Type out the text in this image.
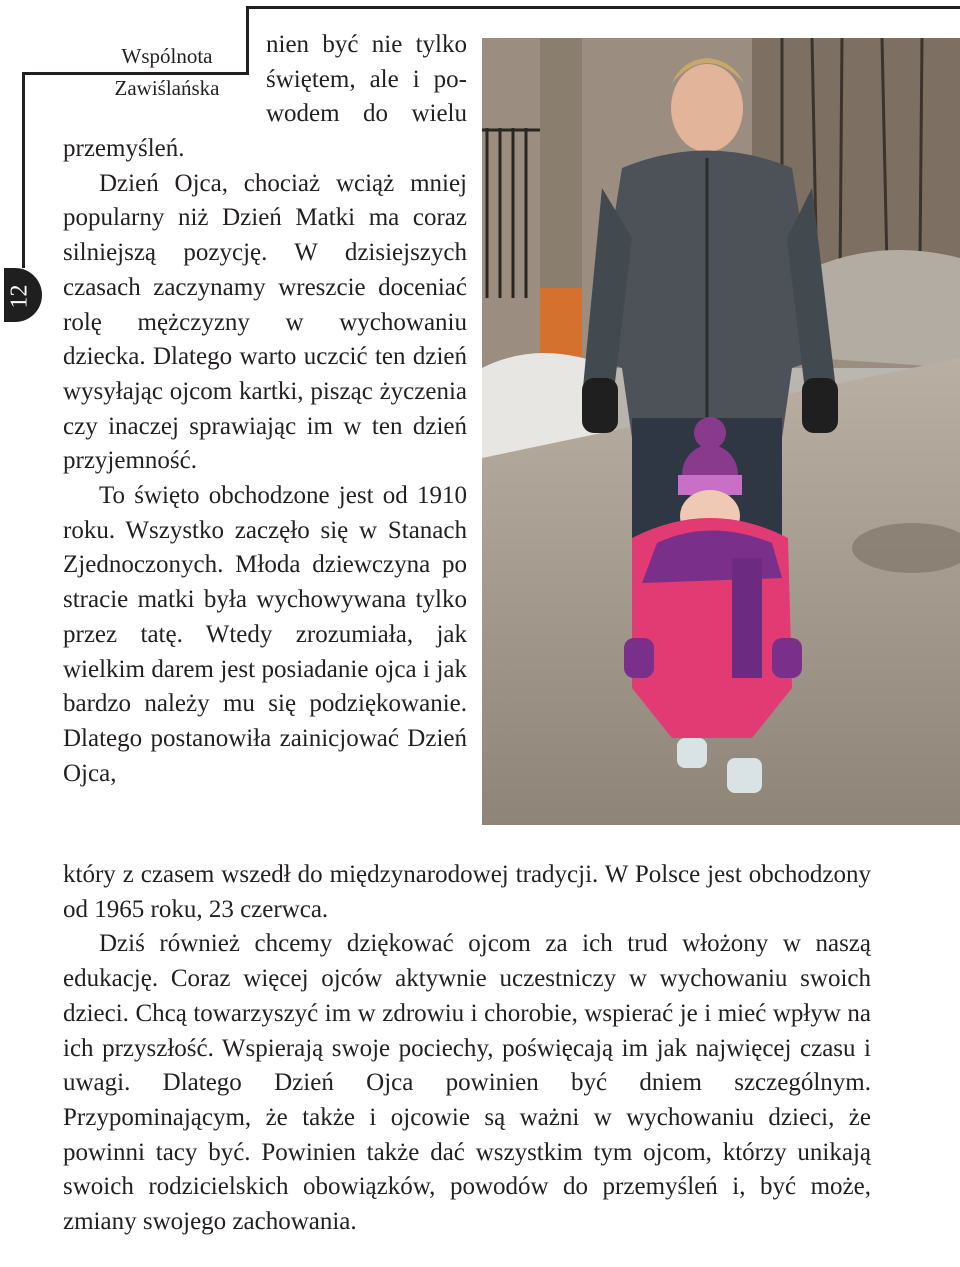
Wspólnota
Zawiślańska
12

nien być nie tylko

świętem, ale i po-

wodem do wielu

przemyśleń.

Dzień Ojca, chociaż wciąż mniej popularny niż Dzień Matki ma coraz silniejszą pozycję. W dzisiejszych czasach zaczynamy wreszcie doceniać rolę mężczyzny w wychowaniu dziecka. Dlatego warto uczcić ten dzień wysyłając ojcom kartki, pisząc życzenia czy inaczej sprawiając im w ten dzień przyjemność.

To święto obchodzone jest od 1910 roku. Wszystko zaczęło się w Stanach Zjednoczonych. Młoda dziewczyna po stracie matki była wychowywana tylko przez tatę. Wtedy zrozumiała, jak wielkim darem jest posiadanie ojca i jak bardzo należy mu się podziękowanie. Dlatego postanowiła zainicjować Dzień Ojca,

który z czasem wszedł do międzynarodowej tradycji. W Polsce jest obchodzony od 1965 roku, 23 czerwca.

Dziś również chcemy dziękować ojcom za ich trud włożony w naszą edukację. Coraz więcej ojców aktywnie uczestniczy w wychowaniu swoich dzieci. Chcą towarzyszyć im w zdrowiu i chorobie, wspierać je i mieć wpływ na ich przyszłość. Wspierają swoje pociechy, poświęcają im jak najwięcej czasu i uwagi. Dlatego Dzień Ojca powinien być dniem szczególnym. Przypominającym, że także i ojcowie są ważni w wychowaniu dzieci, że powinni tacy być. Powinien także dać wszystkim tym ojcom, którzy unikają swoich rodzicielskich obowiązków, powodów do przemyśleń i, być może, zmiany swojego zachowania.
